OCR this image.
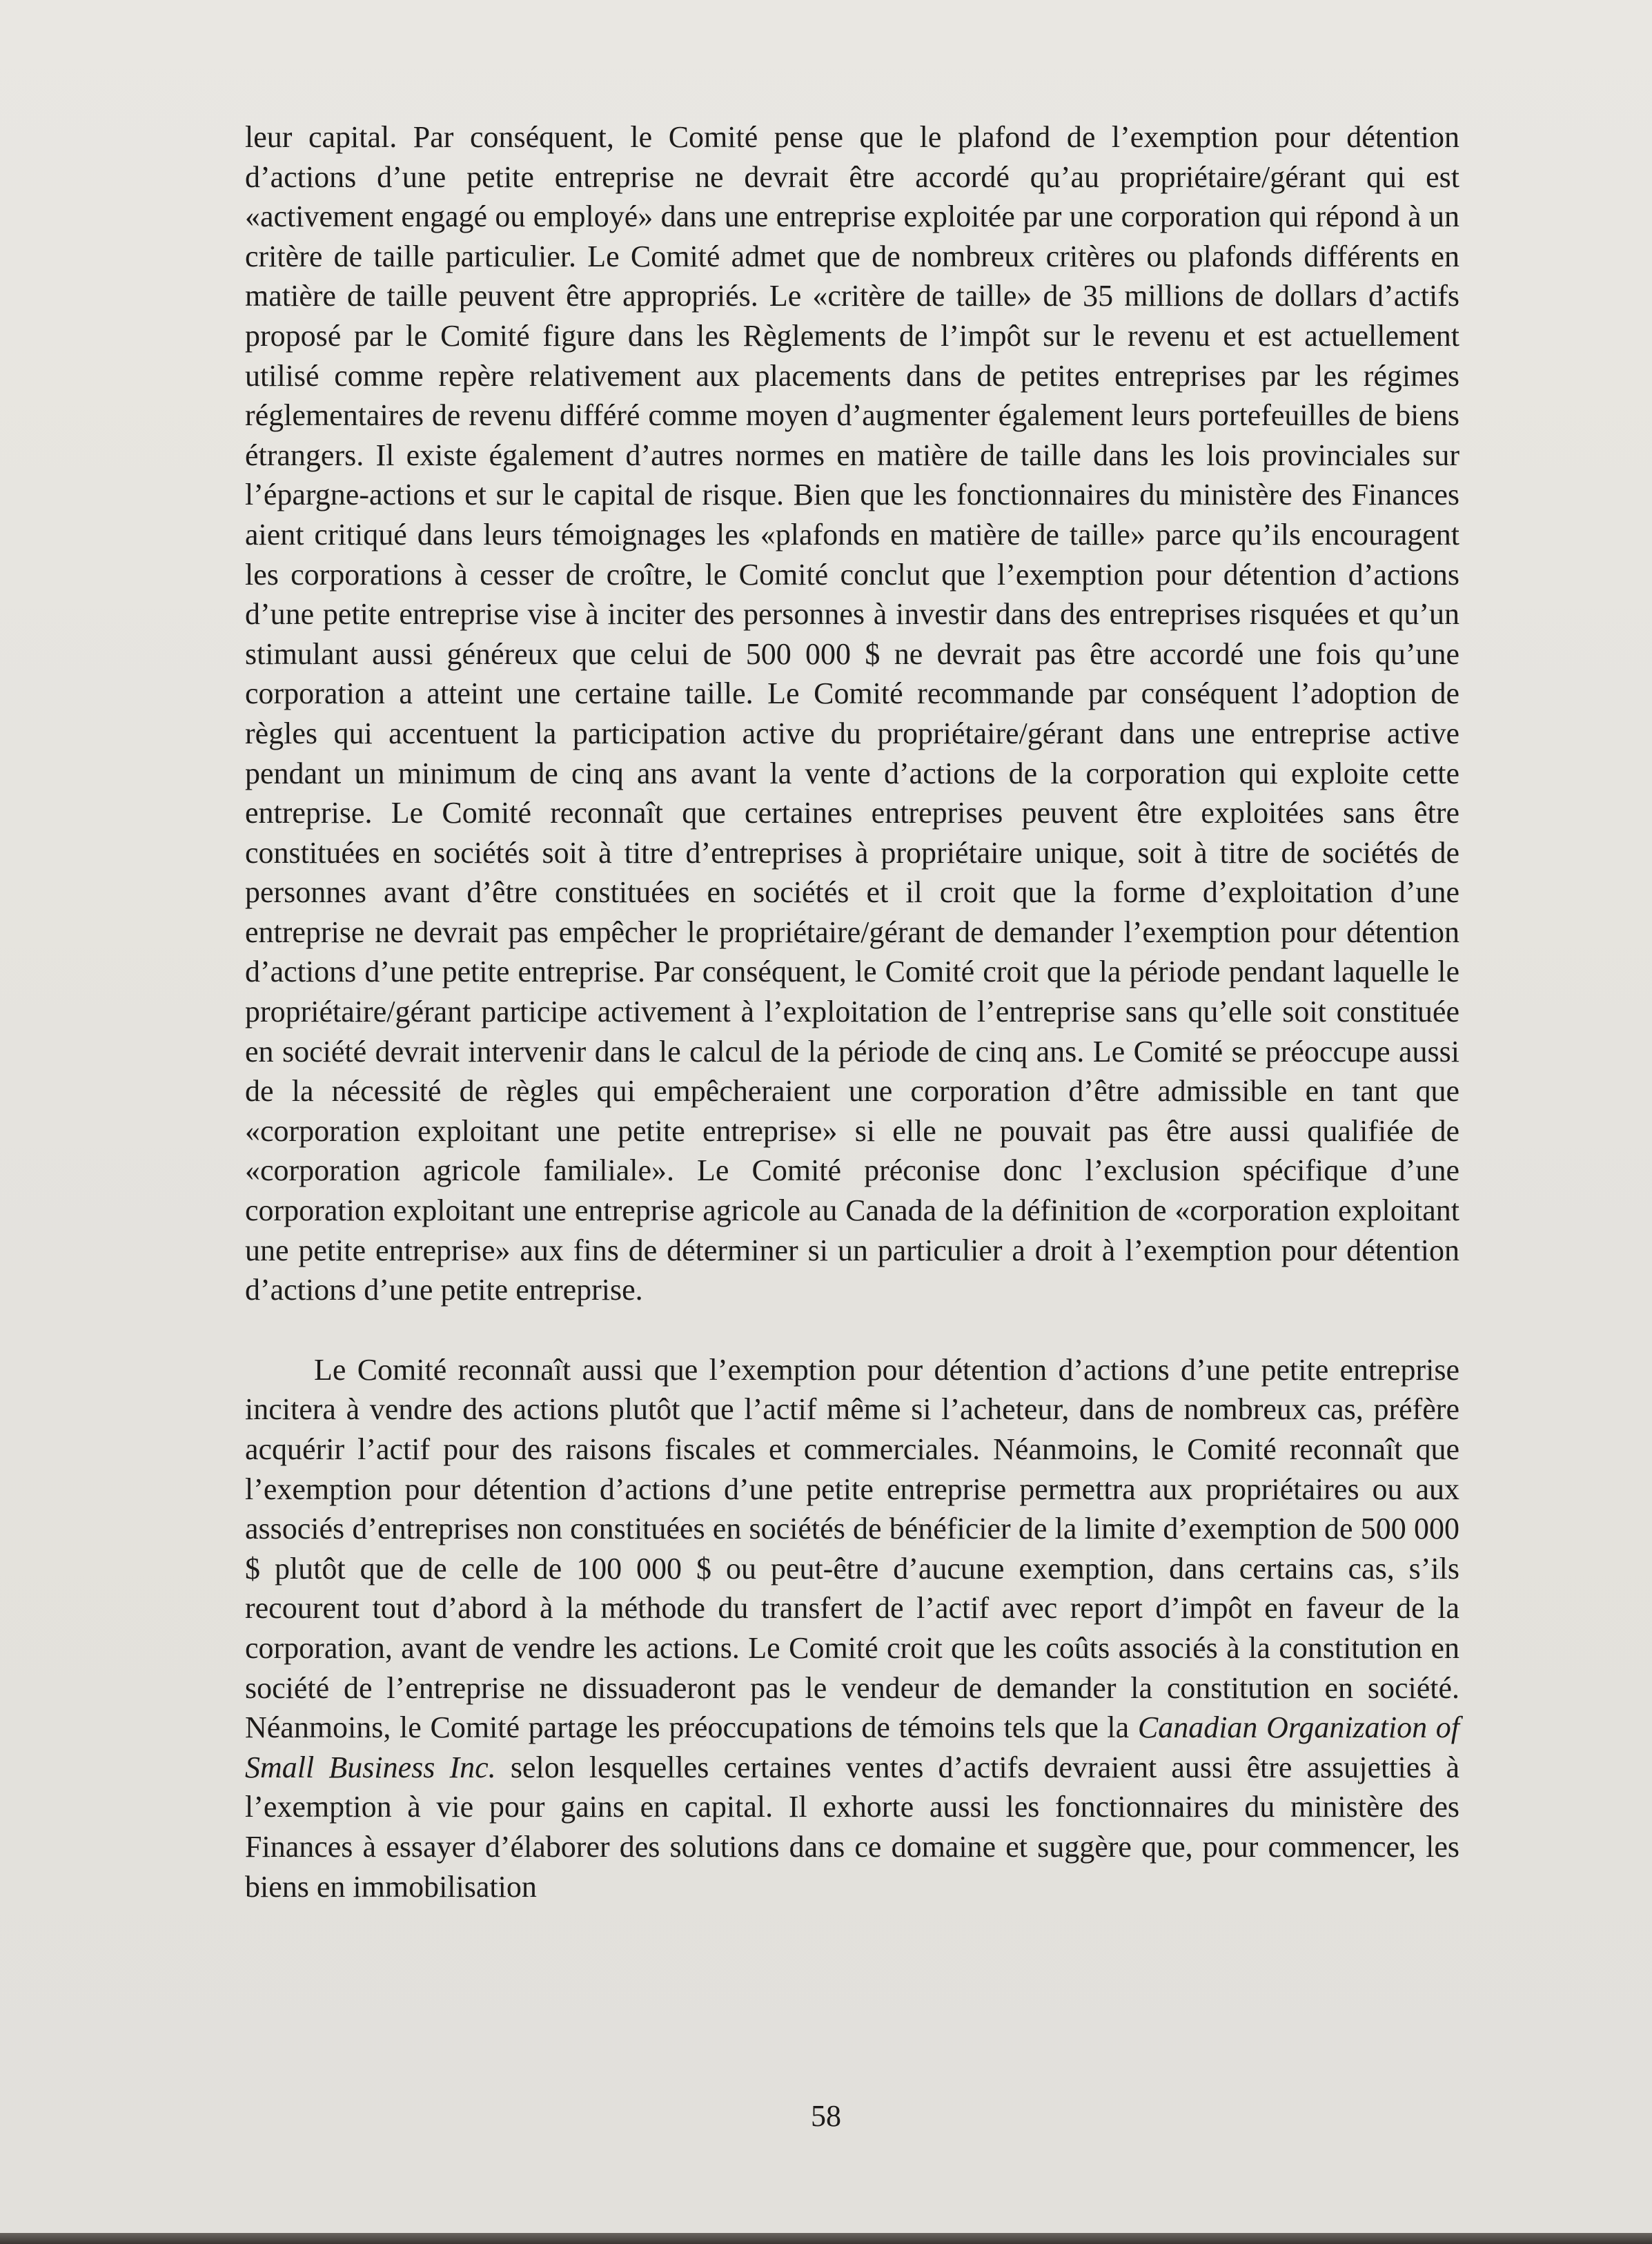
leur capital. Par conséquent, le Comité pense que le plafond de l’exemption pour détention d’actions d’une petite entreprise ne devrait être accordé qu’au propriétaire/gérant qui est «activement engagé ou employé» dans une entreprise exploitée par une corporation qui répond à un critère de taille particulier. Le Comité admet que de nombreux critères ou plafonds différents en matière de taille peuvent être appropriés. Le «critère de taille» de 35 millions de dollars d’actifs proposé par le Comité figure dans les Règlements de l’impôt sur le revenu et est actuellement utilisé comme repère relativement aux placements dans de petites entreprises par les régimes réglementaires de revenu différé comme moyen d’augmenter également leurs portefeuilles de biens étrangers. Il existe également d’autres normes en matière de taille dans les lois provinciales sur l’épargne-actions et sur le capital de risque. Bien que les fonctionnaires du ministère des Finances aient critiqué dans leurs témoignages les «plafonds en matière de taille» parce qu’ils encouragent les corporations à cesser de croître, le Comité conclut que l’exemption pour détention d’actions d’une petite entreprise vise à inciter des personnes à investir dans des entreprises risquées et qu’un stimulant aussi généreux que celui de 500 000 $ ne devrait pas être accordé une fois qu’une corporation a atteint une certaine taille. Le Comité recommande par conséquent l’adoption de règles qui accentuent la participation active du propriétaire/gérant dans une entreprise active pendant un minimum de cinq ans avant la vente d’actions de la corporation qui exploite cette entreprise. Le Comité reconnaît que certaines entreprises peuvent être exploitées sans être constituées en sociétés soit à titre d’entreprises à propriétaire unique, soit à titre de sociétés de personnes avant d’être constituées en sociétés et il croit que la forme d’exploitation d’une entreprise ne devrait pas empêcher le propriétaire/gérant de demander l’exemption pour détention d’actions d’une petite entreprise. Par conséquent, le Comité croit que la période pendant laquelle le propriétaire/gérant participe activement à l’exploitation de l’entreprise sans qu’elle soit constituée en société devrait intervenir dans le calcul de la période de cinq ans. Le Comité se préoccupe aussi de la nécessité de règles qui empêcheraient une corporation d’être admissible en tant que «corporation exploitant une petite entreprise» si elle ne pouvait pas être aussi qualifiée de «corporation agricole familiale». Le Comité préconise donc l’exclusion spécifique d’une corporation exploitant une entreprise agricole au Canada de la définition de «corporation exploitant une petite entreprise» aux fins de déterminer si un particulier a droit à l’exemption pour détention d’actions d’une petite entreprise.

Le Comité reconnaît aussi que l’exemption pour détention d’actions d’une petite entreprise incitera à vendre des actions plutôt que l’actif même si l’acheteur, dans de nombreux cas, préfère acquérir l’actif pour des raisons fiscales et commerciales. Néanmoins, le Comité reconnaît que l’exemption pour détention d’actions d’une petite entreprise permettra aux propriétaires ou aux associés d’entreprises non constituées en sociétés de bénéficier de la limite d’exemption de 500 000 $ plutôt que de celle de 100 000 $ ou peut-être d’aucune exemption, dans certains cas, s’ils recourent tout d’abord à la méthode du transfert de l’actif avec report d’impôt en faveur de la corporation, avant de vendre les actions. Le Comité croit que les coûts associés à la constitution en société de l’entreprise ne dissuaderont pas le vendeur de demander la constitution en société. Néanmoins, le Comité partage les préoccupations de témoins tels que la Canadian Organization of Small Business Inc. selon lesquelles certaines ventes d’actifs devraient aussi être assujetties à l’exemption à vie pour gains en capital. Il exhorte aussi les fonctionnaires du ministère des Finances à essayer d’élaborer des solutions dans ce domaine et suggère que, pour commencer, les biens en immobilisation

58
